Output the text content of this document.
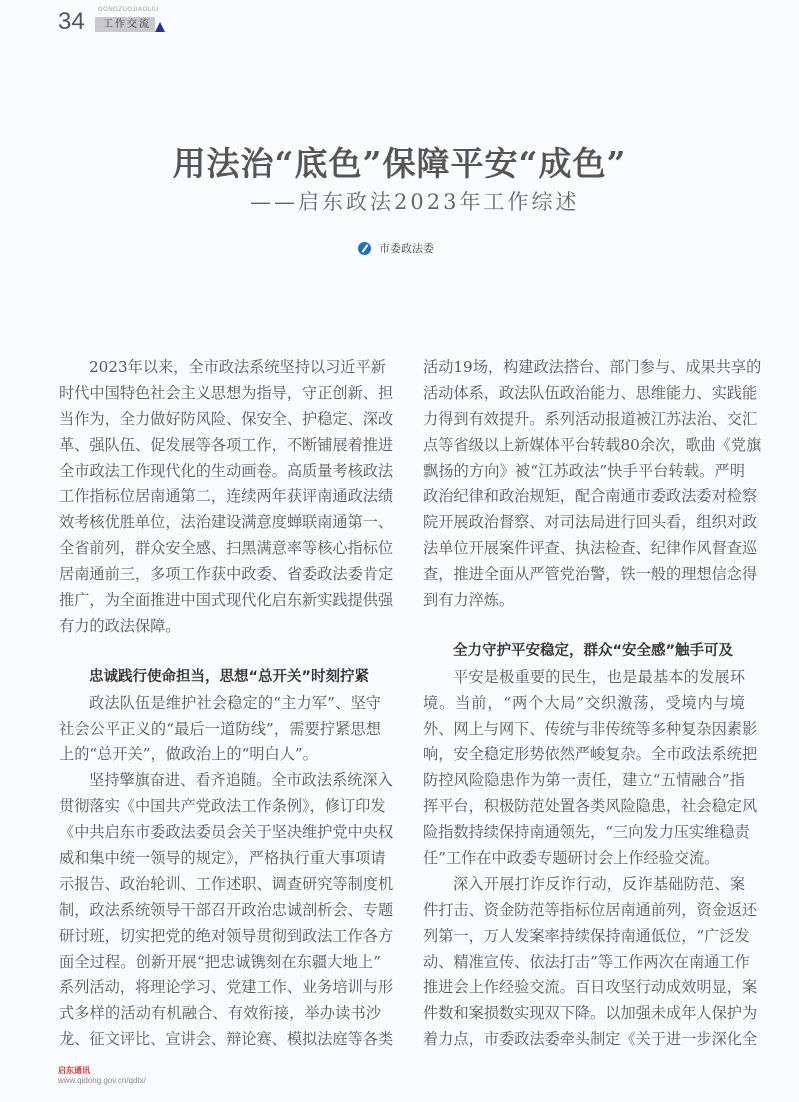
34 GONGZUOJIAOLIU
工作交流
用法治“底色”保障平安“成色”
——启东政法2023年工作综述
市委政法委
2023年以来，全市政法系统坚持以习近平新
时代中国特色社会主义思想为指导，守正创新、担
当作为，全力做好防风险、保安全、护稳定、深改
革、强队伍、促发展等各项工作，不断铺展着推进
全市政法工作现代化的生动画卷。高质量考核政法
工作指标位居南通第二，连续两年获评南通政法绩
效考核优胜单位，法治建设满意度蝉联南通第一、
全省前列，群众安全感、扫黑满意率等核心指标位
居南通前三，多项工作获中政委、省委政法委肯定
推广，为全面推进中国式现代化启东新实践提供强
有力的政法保障。
忠诚践行使命担当，思想“总开关”时刻拧紧
政法队伍是维护社会稳定的“主力军”、坚守
社会公平正义的“最后一道防线”，需要拧紧思想
上的“总开关”，做政治上的“明白人”。
坚持擎旗奋进、看齐追随。全市政法系统深入
贯彻落实《中国共产党政法工作条例》，修订印发
《中共启东市委政法委员会关于坚决维护党中央权
威和集中统一领导的规定》，严格执行重大事项请
示报告、政治轮训、工作述职、调查研究等制度机
制，政法系统领导干部召开政治忠诚剖析会、专题
研讨班，切实把党的绝对领导贯彻到政法工作各方
面全过程。创新开展“把忠诚镌刻在东疆大地上”
系列活动，将理论学习、党建工作、业务培训与形
式多样的活动有机融合、有效衔接，举办读书沙
龙、征文评比、宣讲会、辩论赛、模拟法庭等各类
活动19场，构建政法搭台、部门参与、成果共享的
活动体系，政法队伍政治能力、思维能力、实践能
力得到有效提升。系列活动报道被江苏法治、交汇
点等省级以上新媒体平台转载80余次，歌曲《党旗
飘扬的方向》被“江苏政法”快手平台转载。严明
政治纪律和政治规矩，配合南通市委政法委对检察
院开展政治督察、对司法局进行回头看，组织对政
法单位开展案件评查、执法检查、纪律作风督查巡
查，推进全面从严管党治警，铁一般的理想信念得
到有力淬炼。
全力守护平安稳定，群众“安全感”触手可及
平安是极重要的民生，也是最基本的发展环
境。当前，“两个大局”交织激荡，受境内与境
外、网上与网下、传统与非传统等多种复杂因素影
响，安全稳定形势依然严峻复杂。全市政法系统把
防控风险隐患作为第一责任，建立“五情融合”指
挥平台，积极防范处置各类风险隐患，社会稳定风
险指数持续保持南通领先，“三向发力压实维稳责
任”工作在中政委专题研讨会上作经验交流。
深入开展打诈反诈行动，反诈基础防范、案
件打击、资金防范等指标位居南通前列，资金返还
列第一，万人发案率持续保持南通低位，“广泛发
动、精准宣传、依法打击”等工作两次在南通工作
推进会上作经验交流。百日攻坚行动成效明显，案
件数和案损数实现双下降。以加强未成年人保护为
着力点，市委政法委牵头制定《关于进一步深化全
启东通讯
www.qidong.gov.cn/qdtx/
